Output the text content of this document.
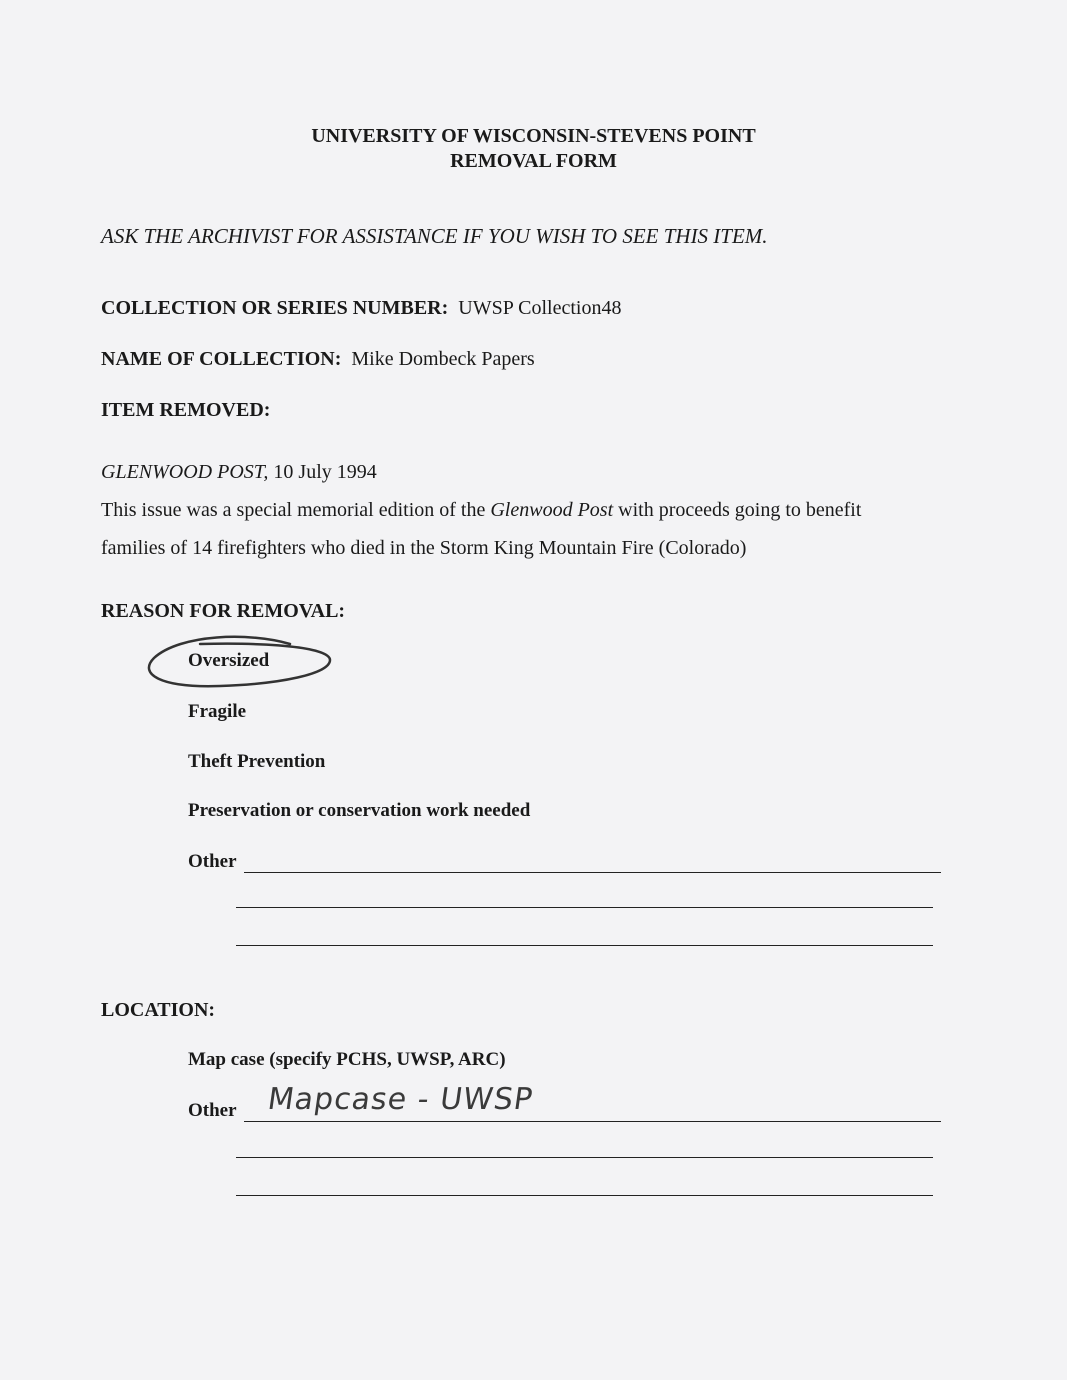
UNIVERSITY OF WISCONSIN-STEVENS POINT
REMOVAL FORM
ASK THE ARCHIVIST FOR ASSISTANCE IF YOU WISH TO SEE THIS ITEM.
COLLECTION OR SERIES NUMBER: UWSP Collection48
NAME OF COLLECTION: Mike Dombeck Papers
ITEM REMOVED:
GLENWOOD POST, 10 July 1994
This issue was a special memorial edition of the Glenwood Post with proceeds going to benefit
families of 14 firefighters who died in the Storm King Mountain Fire (Colorado)
REASON FOR REMOVAL:
Oversized
Fragile
Theft Prevention
Preservation or conservation work needed
Other
LOCATION:
Map case (specify PCHS, UWSP, ARC)
Other Mapcase - UWSP
